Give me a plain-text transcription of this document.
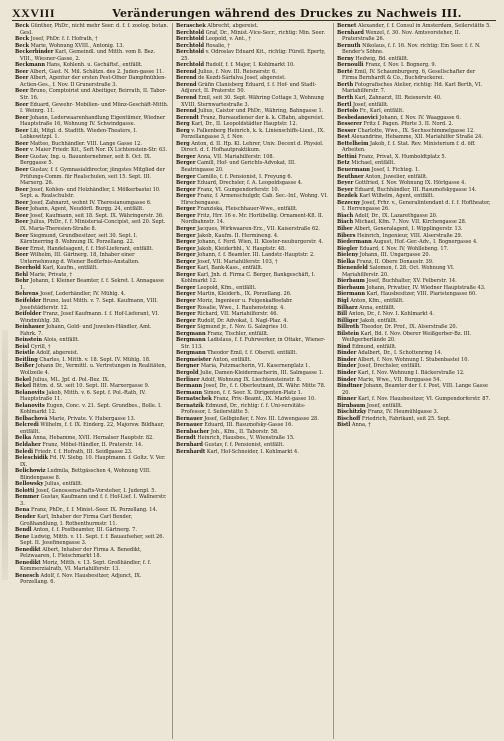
XXVIII	Veränderungen während des Druckes zu Nachweis III.

Beck Günther, PhDr., nicht mehr Seer. d. f. f. zoolog. botan. Gesl.

Beck Josef, PhDr. f. f. Hofrath, †

Beck Marie, Wohnung XVIII., Antonig. 13.

Beckerbinder Karl, Gemeindl. und Mitth. vom 8. Bez. VIII., Wiesner-Gasse, 2.

Beckmann Hans, Kohlenh. u. Gschäftsf., entfällt.

Beer Albert, Gast. N. Mil. Schätzn. des 2. Juden-gasse 11.

Beer Albert, Agentur der ersten Pest-Ofner Dampfmühlen-Actien-Ges., f. Nov. II Grunerstraße 3.

Beer Bruno, Comptoirist und Abeitiger, Beirrath, II. Tabor-Str. 16.

Beer Eduard, Gewehr- Mobilien- und Münz-Geschäft-Mitth. I. Weinrg. 11.

Beer Johann, Lederwaarenhandlung Eigentümer, Wiedner Hauptstraße 16, Wohnung IV. Schwindgasse.

Beer Lili, Mitgl. d. Stadtth. Wieden-Theaters, I. Lobkowitzpl. 1.

Beer Matteo, Buchhändler. VIII. Lange Gasse 12.

Beer v. Maier Friedr. Kit., Seft Nor. IX Lichtenstein-Str. 63.

Beer Gustav, Ing. u. Bauunternehmer, seit 8. Oct. IX. Berggasse 5.

Beer Gustav, f. f. Gymnasialdirector, jüngstes Mitglied der Prüfungs-Comm. für Realschulen, seit 15. Sept. III. Marxerg. 26.

Beer Josef, Kohlen- und Holzhändler, I. Mölkerbastei 10. Sept. a. Realschulstr.

Beer Josef, Zahnarzt, wohnt IV. Theresianumgasse 6.

Beer Johann, Agent, Neudörfl. Burgg. 24, entfällt.

Beer Josef, Kaufmann, seit 18. Sept. IX. Währingerstr. 36.

Beer Julius, PhDr., f. f. Ministerial-Concipist, seit 20. Sept. IX. Maria-Theresien-Straße 8.

Beer Siegmund, Grundbesitzer, seit 30. Sept. I. Kärntnerring 8. Wohnung IX. Porzellang. 22.

Beer Ernst, Handelsagent, f. f. Hof-Lieferant, entfällt.

Beer Wilhelm, III. Gärtnerg. 18, Inhaber einer Unternehmung d. Wiener Bedürfnis-Anstalten.

Beerhold Karl, Kaufm., entfällt.

Behl Marie, Private, †

Behr Johann, f. Kleiner Beamter, f. f. Sekret. I. Annagasse 1.

Behrens Josef, Lederhändler, IV. Mühlg. 4.

Beifelder Bruno, laut Mitth. v. 7. Sept. Kaufmann, VIII. Josefstädterstr. 12.

Beifolder Franz, Josef Kaufmann. f. f. Hof-Lieferant, VI. Windmühlg. 38.

Beinhauer Johann, Gold- und Juwelen-Händler, Amt. Fahrk. 7.

Beinstein Alois, entfällt.

Beisl Cyrill, †

Beistle Adolf, abgereist.

Beitling Charles, I. Mitth. v. 18. Sept. IV. Mühlg. 18.

Beißer Johann Dr., Vermittl. u. Vertretungen in Realitäten, Wollzeile 4.

Bekel Julius, ML. Jpf. d. Pol.-Bez. IX.

Bekel Bittm. d. St. seit 10. Sept. III. Marxergasse 9.

Belanovits Jakob, Mitth. v. 6. Sept. f. Pol.-Rath, IV. Hauptstraße 11.

Belanovits Eugen, Conc. v. 21. Sept. Grundbes., Bolle. I. Kohlmarkt 12.

Belbachová Marie, Private. V. Hubergasse 13.

Belcredi Wilhelm, f. f. IX. Einderg. 22, Majorsw. Bildhaur, entfällt.

Belka Anna, Hebamme, XVII. Hernalser Hauptstr. 82.

Beldaher Franz, Möbel-Händler, II. Praterstr. 14.

Beledi Friedr. f. f. Hofrath, III. Seidlgasse 23.

Beleschidik Fd. IV. Siebg. 10. Hauptmann. f. Goltz. V. Ver. IX.

Belichowiz Ludmila, Bettgässchen 4, Wohnung VIII. Blindengasse 8.

Bellowsky Julius, entfällt.

Belotti Josef, Genossenschafts-Vorsteher, I. Judenpl. 5.

Bemmer Gustav, Kaufmann und f. f. Hof-Lief. I. Wallnerstr. 3.

Bena Franz, PhDr., f. f. Minist.-Seer. IX. Porzellang. 14.

Bender Karl, Inhaber der Firma Carl Bender, Großhandlung, I. Rothenthurmstr. 11.

Bendl Anton, f. f. Postbeamter, III. Gärtnerg. 7.

Bene Ludwig, Mitth. v. 11. Sept. f. f. Bauaufseher, seit 26. Sept. II. Josefinengasse 3.

Benedikt Albert, Inhaber der Firma A. Benedikt, Pelzwaaren, I. Fleischmarkt 18.

Benedikt Moriz, Mitth. v. 13. Sept. Großhändler, f. f. Kommerzialrath, VI. Mariahilferstr. 13.

Benesch Adolf, f. Nov. Hausbesitzer, Adjunct, IX. Porzellang. 6.

Beraschek Albrecht, abgereist.

Berchtold Graf, Dr., Minist.-Vice-Secr., richtig: Min. Seer.

Berchtold Leopold, v. Ant., †

Berchtold Rosalie, †

Berchtold v. Odroslav Eduard Kit., richtig: Fürstl. Eperty, 25.

Berchtold Rudolf, f. f. Major, I. Kohlmarkt 10.

Berend Julius, f. Nov. III. Reisnerstr. 6.

Berend de Kezdi-Sárfalva Josef, abgereist.

Berend Gräfin Clanisberg Eduard, f. f. Hof- und Stadt-Adjunct, II. Praterstr. 50.

Berend Emil, seit 30. Sept. Währing Cottage 3, Wohnung XVIII. Sternwartestraße 3.

Berend Julius, Caistor und PhDr., Währing, Bahngasse 1.

Berendt Franz, Bureaudiener der k. k. CBahn, abgereist.

Berg Karl, Dr., II. Leopoldstädter Hauptstr. 12.

Berg v. Falkenberg Heinrich, k. k. Linienschiffs-Lieut., IX. Porzellangasse 3, f. Nov.

Berg Anton, d. II. Hp. Kl. Lehrer, Univ. Decent d. Physiol. Direct. d. f. Hofhautpraktikum.

Berger Anna, VII. Mariahilferstr. 108.

Berger Camill, Hof- und Gerichts-Advokat, III. Beatrixgasse 20.

Berger Camillo, f. f. Pensionist, I. Freyung 6.

Berger Eduard, Drechsler, f. A. Leopoldsgasse 4.

Berger Franz, VI. Gumpendorferstr. 10.

Berger Franz, f. Armenschulgdr, Cab. Sec.-Inf., Wohng. VI. Hirschengasse.

Berger Franziska, Fleischhauer-Wwe., entfällt.

Berger Fritz, Hrr. 16 e. Mr. Hortibellig. Ornament-Kfl. II. Nordbahnstr. 14.

Berger Jacques, Wirkwaaren-Erz., VII. Kaiserstraße 62.

Berger Jakob, Kaufm. II. Hermineng. 4.

Berger Johann, f. Ferd. Wien, II. Kloster-neuburgerstr. 4.

Berger Jakob, Kleiderbhl., V. Hauptstr. 48.

Berger Johann, f. f. Beamter. III. Landstr.-Hauptstr. 2.

Berger Josef, VII. Mariahilferstr. 103, †

Berger Karl, Bank-Kass., entfällt.

Berger Karl, Jnh. d. Firma C. Berger, Bankgeschäft, I. Kohlmarkt 12.

Berger Leopold, Kfm., entfällt.

Berger Martin, Kleiderh., IX. Porzellang. 26.

Berger Moriz, Ingenieur u. Feigenkaffeefabr.

Berger Rosalie, Wwe., I. Rauhensteing. 4.

Berger Richard, VII. Mariahilferstr. 46.

Berger Rudolf, Dr. Advokat, I. Nagl-Plaz. 4.

Berger Sigmund jr., f. Nov. G. Salzgries 10.

Bergmann Franz, Tischler, entfällt.

Bergmann Ladislaus, f. f. Fuhrwerker, in Ottakr., Wiener-Str. 113.

Bergmann Theodor Emil, f. f. Oberstl. entfällt.

Bergmeister Anton, entfällt.

Bergner Maria, Putzmacherin, VI. Kasernenplatz 1.

Bergold Julie, Damen-Kleidermacherin, III. Salmgasse 1.

Berliner Adolf, Wohnung IX. Liechtensteinstr. 8.

Bermann Josef, Dr., f. f. Oberleutnant, IX. Währ. Mitte 78.

Bermann Simon, f. f. Seer. X. Dirigenten-Platz 1.

Bernatschek Franz, Priv.-Beamt., IX. Markt-gasse 10.

Bernatzik Edmund, Dr., richtig: f. f. Uni-versitäts-Professor, I. Seilerstätte 5.

Bernauer Josef, Gelbgießer, f. Nov. III. Löwengasse 28.

Bernauer Eduard, III. Rasumofsky-Gasse 16.

Bernbacher Joh., Kfm., II. Taborstr. 58.

Berndt Heinrich, Hausbes., V. Wienstraße 15.

Bernhard Gustav, f. f. Pensionist, entfällt.

Bernhardt Karl, Hof-Schneider, I. Kohlmarkt 4.

Bernet Alexander, f. f. Consul in Amsterdam, Seilerstätte 5.

Bernhard Wenzel, f. 30. Nov. Amtsvorsteher, II. Praterstraße 26.

Bernuth Nikolaus, f. f. 16. Nov. richtig: Ein Seer. f. f. N. Bender's Söhne.

Berny Hedwig, Bd. entfällt.

Bernoulli Franz, f. Nov. I. Bognerg. 9.

Berté Emil, IV. Schaumburgerg. 6, Gesellschafter der Firma Bernhardt & Co., Buchdruckerei.

Berth Fotografisches Atelier, richtig: Hd. Karl Berth, VI. Mariahilferstr. 7.

Berth Karl, Zahnarzt, III. Reisnerstr. 40.

Bertl Josef, entfällt.

Bertolo Fr., Karl, entfällt.

Besbedanovici Johann, f. Nov. IV. Waaggasse 6.

Besserer Fritz f. Pagen. Pforte 3. II. Nord. 2.

Besser Charlotte, Wwe., IX. Sechsschimmelgasse 12.

Best Alexandrine, Hebamme, XII. Mariahilfer Straße 24.

Bettelheim Jakob, f. f. Stat. Rev. Ministerium f. d. öff. Arbeiten.

Bettini Franz, Privat, X. Humboldtplatz 5.

Betz Michael, entfällt.

Beuermann Josef, I. Fichteg. 1.

Beuthner Anton, Juwelier, entfällt.

Beyer Gottfried, f. Nov. Wohnung IX. Hörlgasse 4.

Beyer Eduard, Buchhändler, III. Rasumofskygasse 14.

Bezdek Karl Wilhelm, Agent, entfällt.

Bezecny Josef, Frhr. v., Generalintendant d. f. f. Hoftheater, I. Herrengasse 26.

Biach Adolf, Dr., IX. Lazarethgasse 20.

Biach Michael, Kfm. 7. Nov. VII. Kirchengasse 28.

Biber Albert, Generalagent, I. Wipplingerstr. 13.

Bibers Heinrich, Ingenieur, VIII. Alserstraße 29.

Biedermann August, Hof.-Ger.-Adv., I. Bognergasse 4.

Biegler Eduard, f. Nov. IV. Wohllebeng. 17.

Bieleny Johann, III. Ungargasse 20.

Bielka Franz, II. Obere Donaustr. 39.

Bienenfeld Salomon, f. 28. Oct. Wohnung VI. Mariahilferstr. 20.

Bierbaum Josef, Buchhalter, XV. Felberstr. 14.

Bierbaum Johann, Privatier, IV. Wiedner Hauptstraße 43.

Biermann Karl, Hausbesitzer, VIII. Piaristengasse 60.

Bigl Anton, Kfm., entfällt.

Bilharz Anna, entfällt.

Bill Anton, Dr., f. Nov. I. Kohlmarkt 4.

Billiger Jakob, entfällt.

Billroth Theodor, Dr. Prof., IX. Alserstraße 20.

Bilstein Karl, Bd. f. Nov. Oberer Weißgerber-Bz. III. Weißgerberlände 20.

Bind Edmund, entfällt.

Binder Adalbert, Dr., I. Schottenring 14.

Binder Albert, f. Nov. Wohnung I. Stubenbastei 10.

Binder Josef, Drechsler, entfällt.

Binder Karl, f. Nov. Wohnung I. Bäckerstraße 12.

Binder Marie, Wwe., VII. Burggasse 54.

Bindtner Johann, Beamter der f. f. Post, VIII. Lange Gasse 20.

Binner Karl, f. Nov. Hausbesitzer, VI. Gumpendorferstr. 87.

Birnbaum Josef, entfällt.

Bischitzky Franz, IV. Heumühlgasse 3.

Bischoff Friedrich, Fabrikant, seit 25. Sept.

Bistl Anna, †
